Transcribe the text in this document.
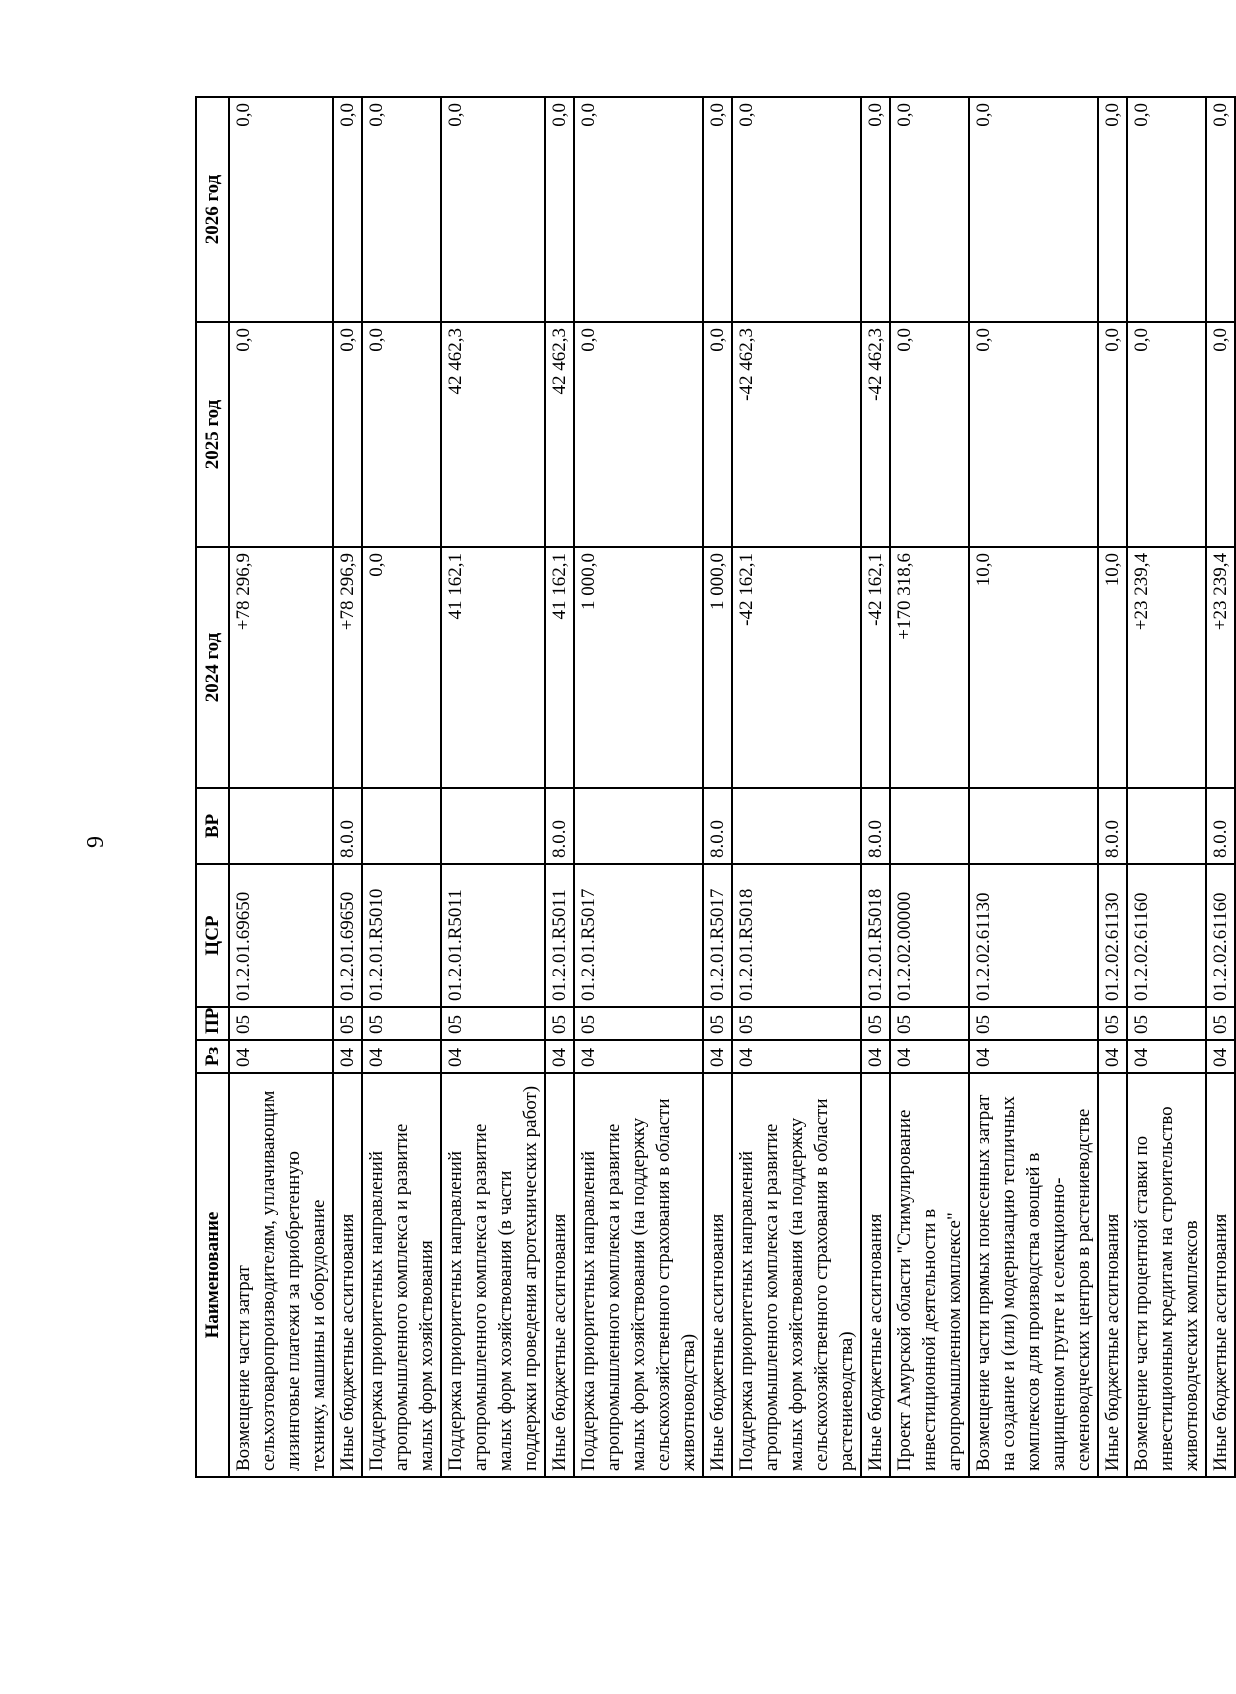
9
Наименование	Рз	ПР	ЦСР	ВР	2024 год	2025 год	2026 год
Возмещение части затрат сельхозтоваропроизводителям, уплачивающим лизинговые платежи за приобретенную технику, машины и оборудование	04	05	01.2.01.69650		+78 296,9	0,0	0,0
Иные бюджетные ассигнования	04	05	01.2.01.69650	8.0.0	+78 296,9	0,0	0,0
Поддержка приоритетных направлений агропромышленного комплекса и развитие малых форм хозяйствования	04	05	01.2.01.R5010		0,0	0,0	0,0
Поддержка приоритетных направлений агропромышленного комплекса и развитие малых форм хозяйствования (в части поддержки проведения агротехнических работ)	04	05	01.2.01.R5011		41 162,1	42 462,3	0,0
Иные бюджетные ассигнования	04	05	01.2.01.R5011	8.0.0	41 162,1	42 462,3	0,0
Поддержка приоритетных направлений агропромышленного комплекса и развитие малых форм хозяйствования (на поддержку сельскохозяйственного страхования в области животноводства)	04	05	01.2.01.R5017		1 000,0	0,0	0,0
Иные бюджетные ассигнования	04	05	01.2.01.R5017	8.0.0	1 000,0	0,0	0,0
Поддержка приоритетных направлений агропромышленного комплекса и развитие малых форм хозяйствования (на поддержку сельскохозяйственного страхования в области растениеводства)	04	05	01.2.01.R5018		-42 162,1	-42 462,3	0,0
Иные бюджетные ассигнования	04	05	01.2.01.R5018	8.0.0	-42 162,1	-42 462,3	0,0
Проект Амурской области "Стимулирование инвестиционной деятельности в агропромышленном комплексе"	04	05	01.2.02.00000		+170 318,6	0,0	0,0
Возмещение части прямых понесенных затрат на создание и (или) модернизацию тепличных комплексов для производства овощей в защищенном грунте и селекционно-семеноводческих центров в растениеводстве	04	05	01.2.02.61130		10,0	0,0	0,0
Иные бюджетные ассигнования	04	05	01.2.02.61130	8.0.0	10,0	0,0	0,0
Возмещение части процентной ставки по инвестиционным кредитам на строительство животноводческих комплексов	04	05	01.2.02.61160		+23 239,4	0,0	0,0
Иные бюджетные ассигнования	04	05	01.2.02.61160	8.0.0	+23 239,4	0,0	0,0
